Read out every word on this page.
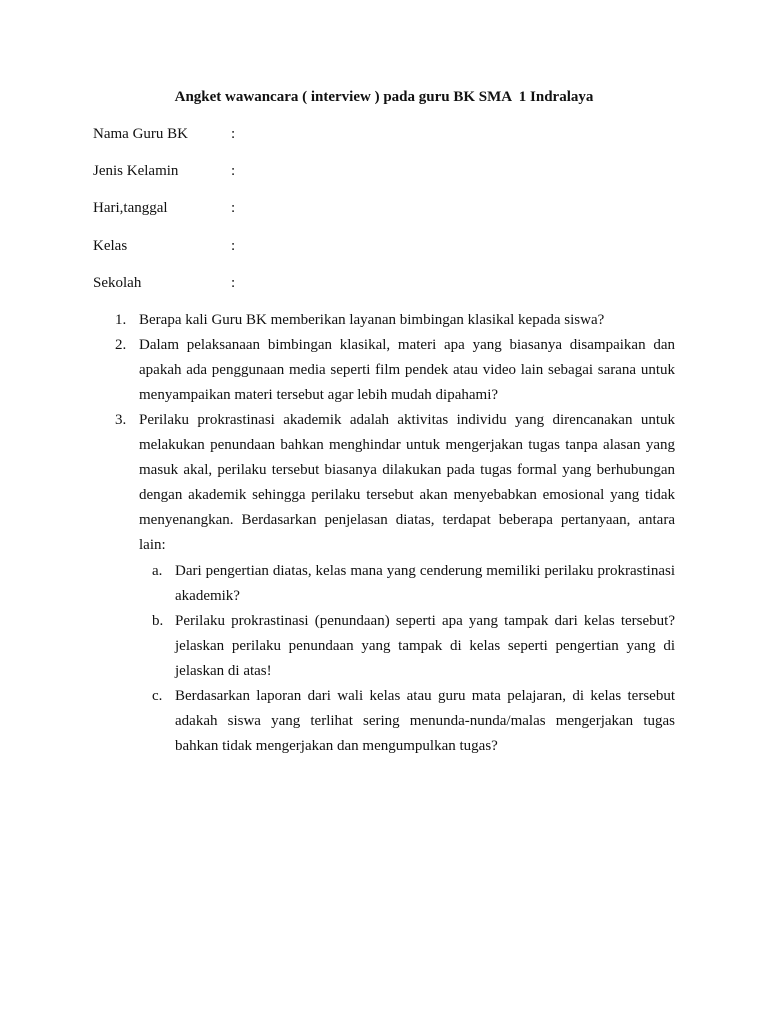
Angket wawancara ( interview ) pada guru BK SMA  1 Indralaya
Nama Guru BK	:
Jenis Kelamin	:
Hari,tanggal	:
Kelas	:
Sekolah	:
1. Berapa kali Guru BK memberikan layanan bimbingan klasikal kepada siswa?
2. Dalam pelaksanaan bimbingan klasikal, materi apa yang biasanya disampaikan dan apakah ada penggunaan media seperti film pendek atau video lain sebagai sarana untuk menyampaikan materi tersebut agar lebih mudah dipahami?
3. Perilaku prokrastinasi akademik adalah aktivitas individu yang direncanakan untuk melakukan penundaan bahkan menghindar untuk mengerjakan tugas tanpa alasan yang masuk akal, perilaku tersebut biasanya dilakukan pada tugas formal yang berhubungan dengan akademik sehingga perilaku tersebut akan menyebabkan emosional yang tidak menyenangkan. Berdasarkan penjelasan diatas, terdapat beberapa pertanyaan, antara lain:
a. Dari pengertian diatas, kelas mana yang cenderung memiliki perilaku prokrastinasi akademik?
b. Perilaku prokrastinasi (penundaan) seperti apa yang tampak dari kelas tersebut? jelaskan perilaku penundaan yang tampak di kelas seperti pengertian yang di jelaskan di atas!
c. Berdasarkan laporan dari wali kelas atau guru mata pelajaran, di kelas tersebut adakah siswa yang terlihat sering menunda-nunda/malas mengerjakan tugas bahkan tidak mengerjakan dan mengumpulkan tugas?
